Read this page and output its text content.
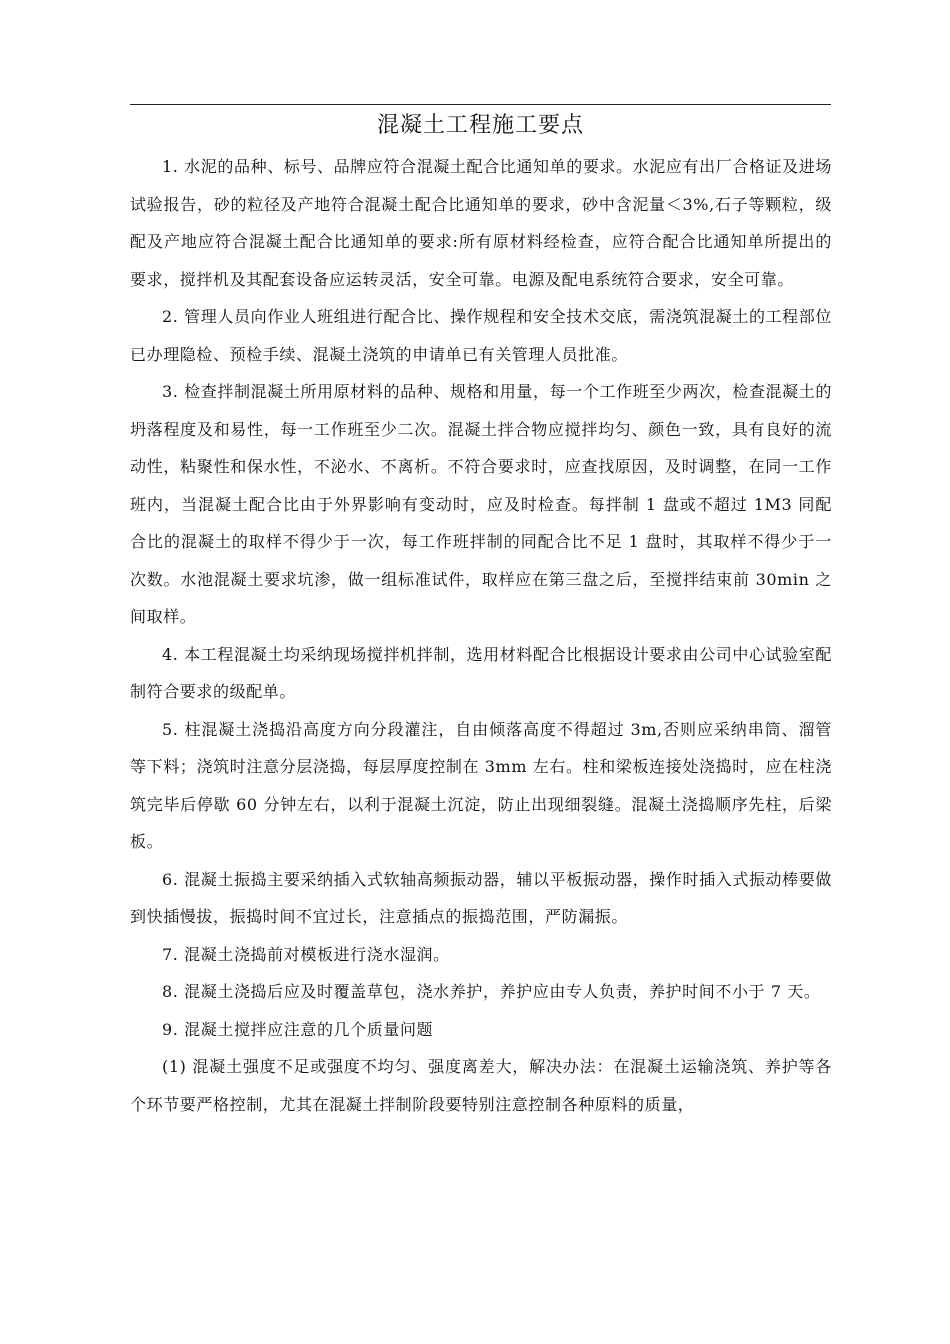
混凝土工程施工要点

1. 水泥的品种、标号、品牌应符合混凝土配合比通知单的要求。水泥应有出厂合格证及进场试验报告，砂的粒径及产地符合混凝土配合比通知单的要求，砂中含泥量＜3%,石子等颗粒，级配及产地应符合混凝土配合比通知单的要求:所有原材料经检查，应符合配合比通知单所提出的要求，搅拌机及其配套设备应运转灵活，安全可靠。电源及配电系统符合要求，安全可靠。

2. 管理人员向作业人班组进行配合比、操作规程和安全技术交底，需浇筑混凝土的工程部位已办理隐检、预检手续、混凝土浇筑的申请单已有关管理人员批准。

3. 检查拌制混凝土所用原材料的品种、规格和用量，每一个工作班至少两次，检查混凝土的坍落程度及和易性，每一工作班至少二次。混凝土拌合物应搅拌均匀、颜色一致，具有良好的流动性，粘聚性和保水性，不泌水、不离析。不符合要求时，应查找原因，及时调整，在同一工作班内，当混凝土配合比由于外界影响有变动时，应及时检查。每拌制 1 盘或不超过 1M3 同配合比的混凝土的取样不得少于一次，每工作班拌制的同配合比不足 1 盘时，其取样不得少于一次数。水池混凝土要求坑渗，做一组标准试件，取样应在第三盘之后，至搅拌结束前 30min 之间取样。

4. 本工程混凝土均采纳现场搅拌机拌制，选用材料配合比根据设计要求由公司中心试验室配制符合要求的级配单。

5. 柱混凝土浇捣沿高度方向分段灌注，自由倾落高度不得超过 3m,否则应采纳串筒、溜管等下料；浇筑时注意分层浇捣，每层厚度控制在 3mm 左右。柱和梁板连接处浇捣时，应在柱浇筑完毕后停歇 60 分钟左右，以利于混凝土沉淀，防止出现细裂缝。混凝土浇捣顺序先柱，后梁板。

6. 混凝土振捣主要采纳插入式软轴高频振动器，辅以平板振动器，操作时插入式振动棒要做到快插慢拔，振捣时间不宜过长，注意插点的振捣范围，严防漏振。

7. 混凝土浇捣前对模板进行浇水湿润。

8. 混凝土浇捣后应及时覆盖草包，浇水养护，养护应由专人负责，养护时间不小于 7 天。

9. 混凝土搅拌应注意的几个质量问题

(1) 混凝土强度不足或强度不均匀、强度离差大，解决办法：在混凝土运输浇筑、养护等各个环节要严格控制，尤其在混凝土拌制阶段要特别注意控制各种原料的质量，
